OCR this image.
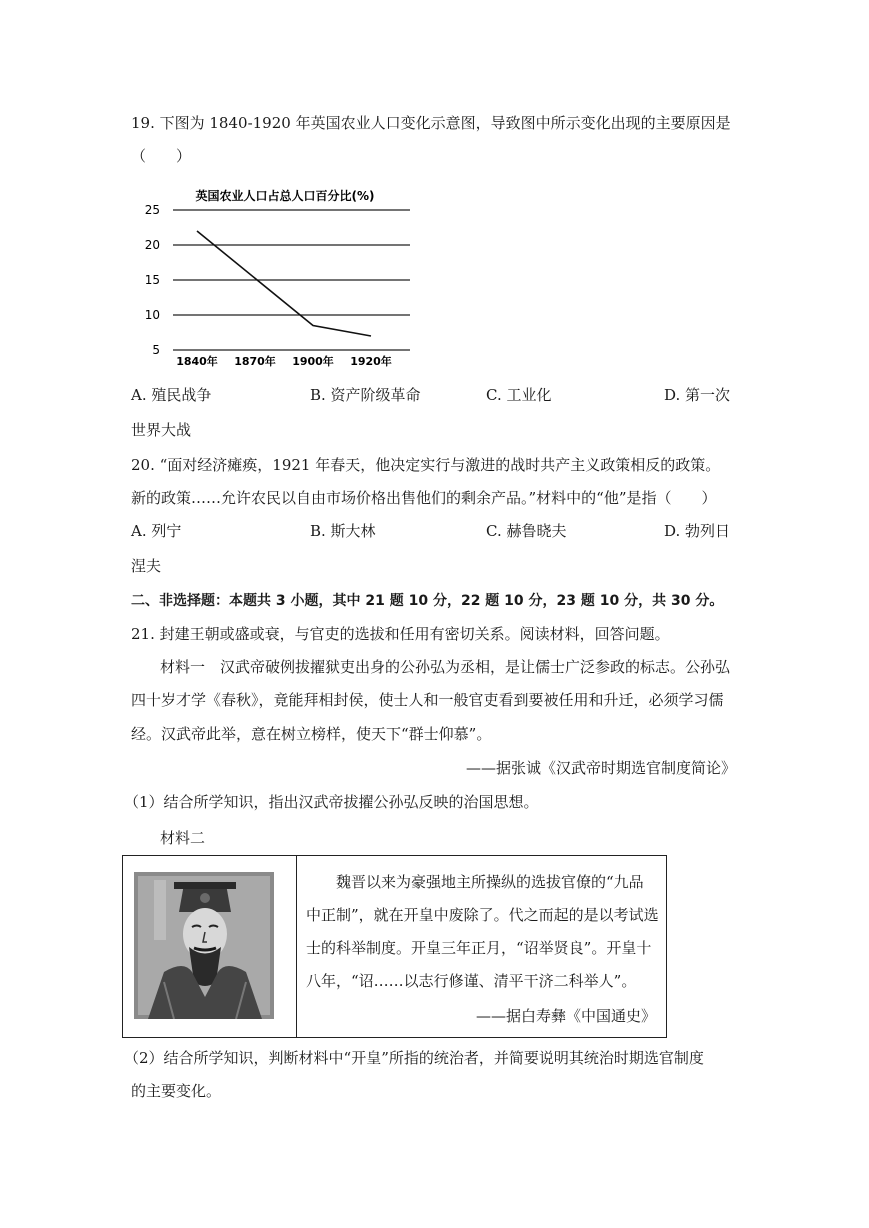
19. 下图为 1840-1920 年英国农业人口变化示意图，导致图中所示变化出现的主要原因是
（　　）
英国农业人口占总人口百分比(%)
25
20
15
10
5
1840年 1870年 1900年 1920年
A. 殖民战争	B. 资产阶级革命	C. 工业化	D. 第一次
世界大战
20. “面对经济瘫痪，1921 年春天，他决定实行与激进的战时共产主义政策相反的政策。
新的政策……允许农民以自由市场价格出售他们的剩余产品。”材料中的“他”是指（　　）
A. 列宁	B. 斯大林	C. 赫鲁晓夫	D. 勃列日
涅夫
二、非选择题：本题共 3 小题，其中 21 题 10 分，22 题 10 分，23 题 10 分，共 30 分。
21. 封建王朝或盛或衰，与官吏的选拔和任用有密切关系。阅读材料，回答问题。
材料一　汉武帝破例拔擢狱吏出身的公孙弘为丞相，是让儒士广泛参政的标志。公孙弘
四十岁才学《春秋》，竟能拜相封侯，使士人和一般官吏看到要被任用和升迁，必须学习儒
经。汉武帝此举，意在树立榜样，使天下“群士仰慕”。
——据张诚《汉武帝时期选官制度简论》
（1）结合所学知识，指出汉武帝拔擢公孙弘反映的治国思想。
材料二
　　魏晋以来为豪强地主所操纵的选拔官僚的“九品
中正制”，就在开皇中废除了。代之而起的是以考试选
士的科举制度。开皇三年正月，“诏举贤良”。开皇十
八年，“诏……以志行修谨、清平干济二科举人”。
——据白寿彝《中国通史》
（2）结合所学知识，判断材料中“开皇”所指的统治者，并简要说明其统治时期选官制度
的主要变化。
